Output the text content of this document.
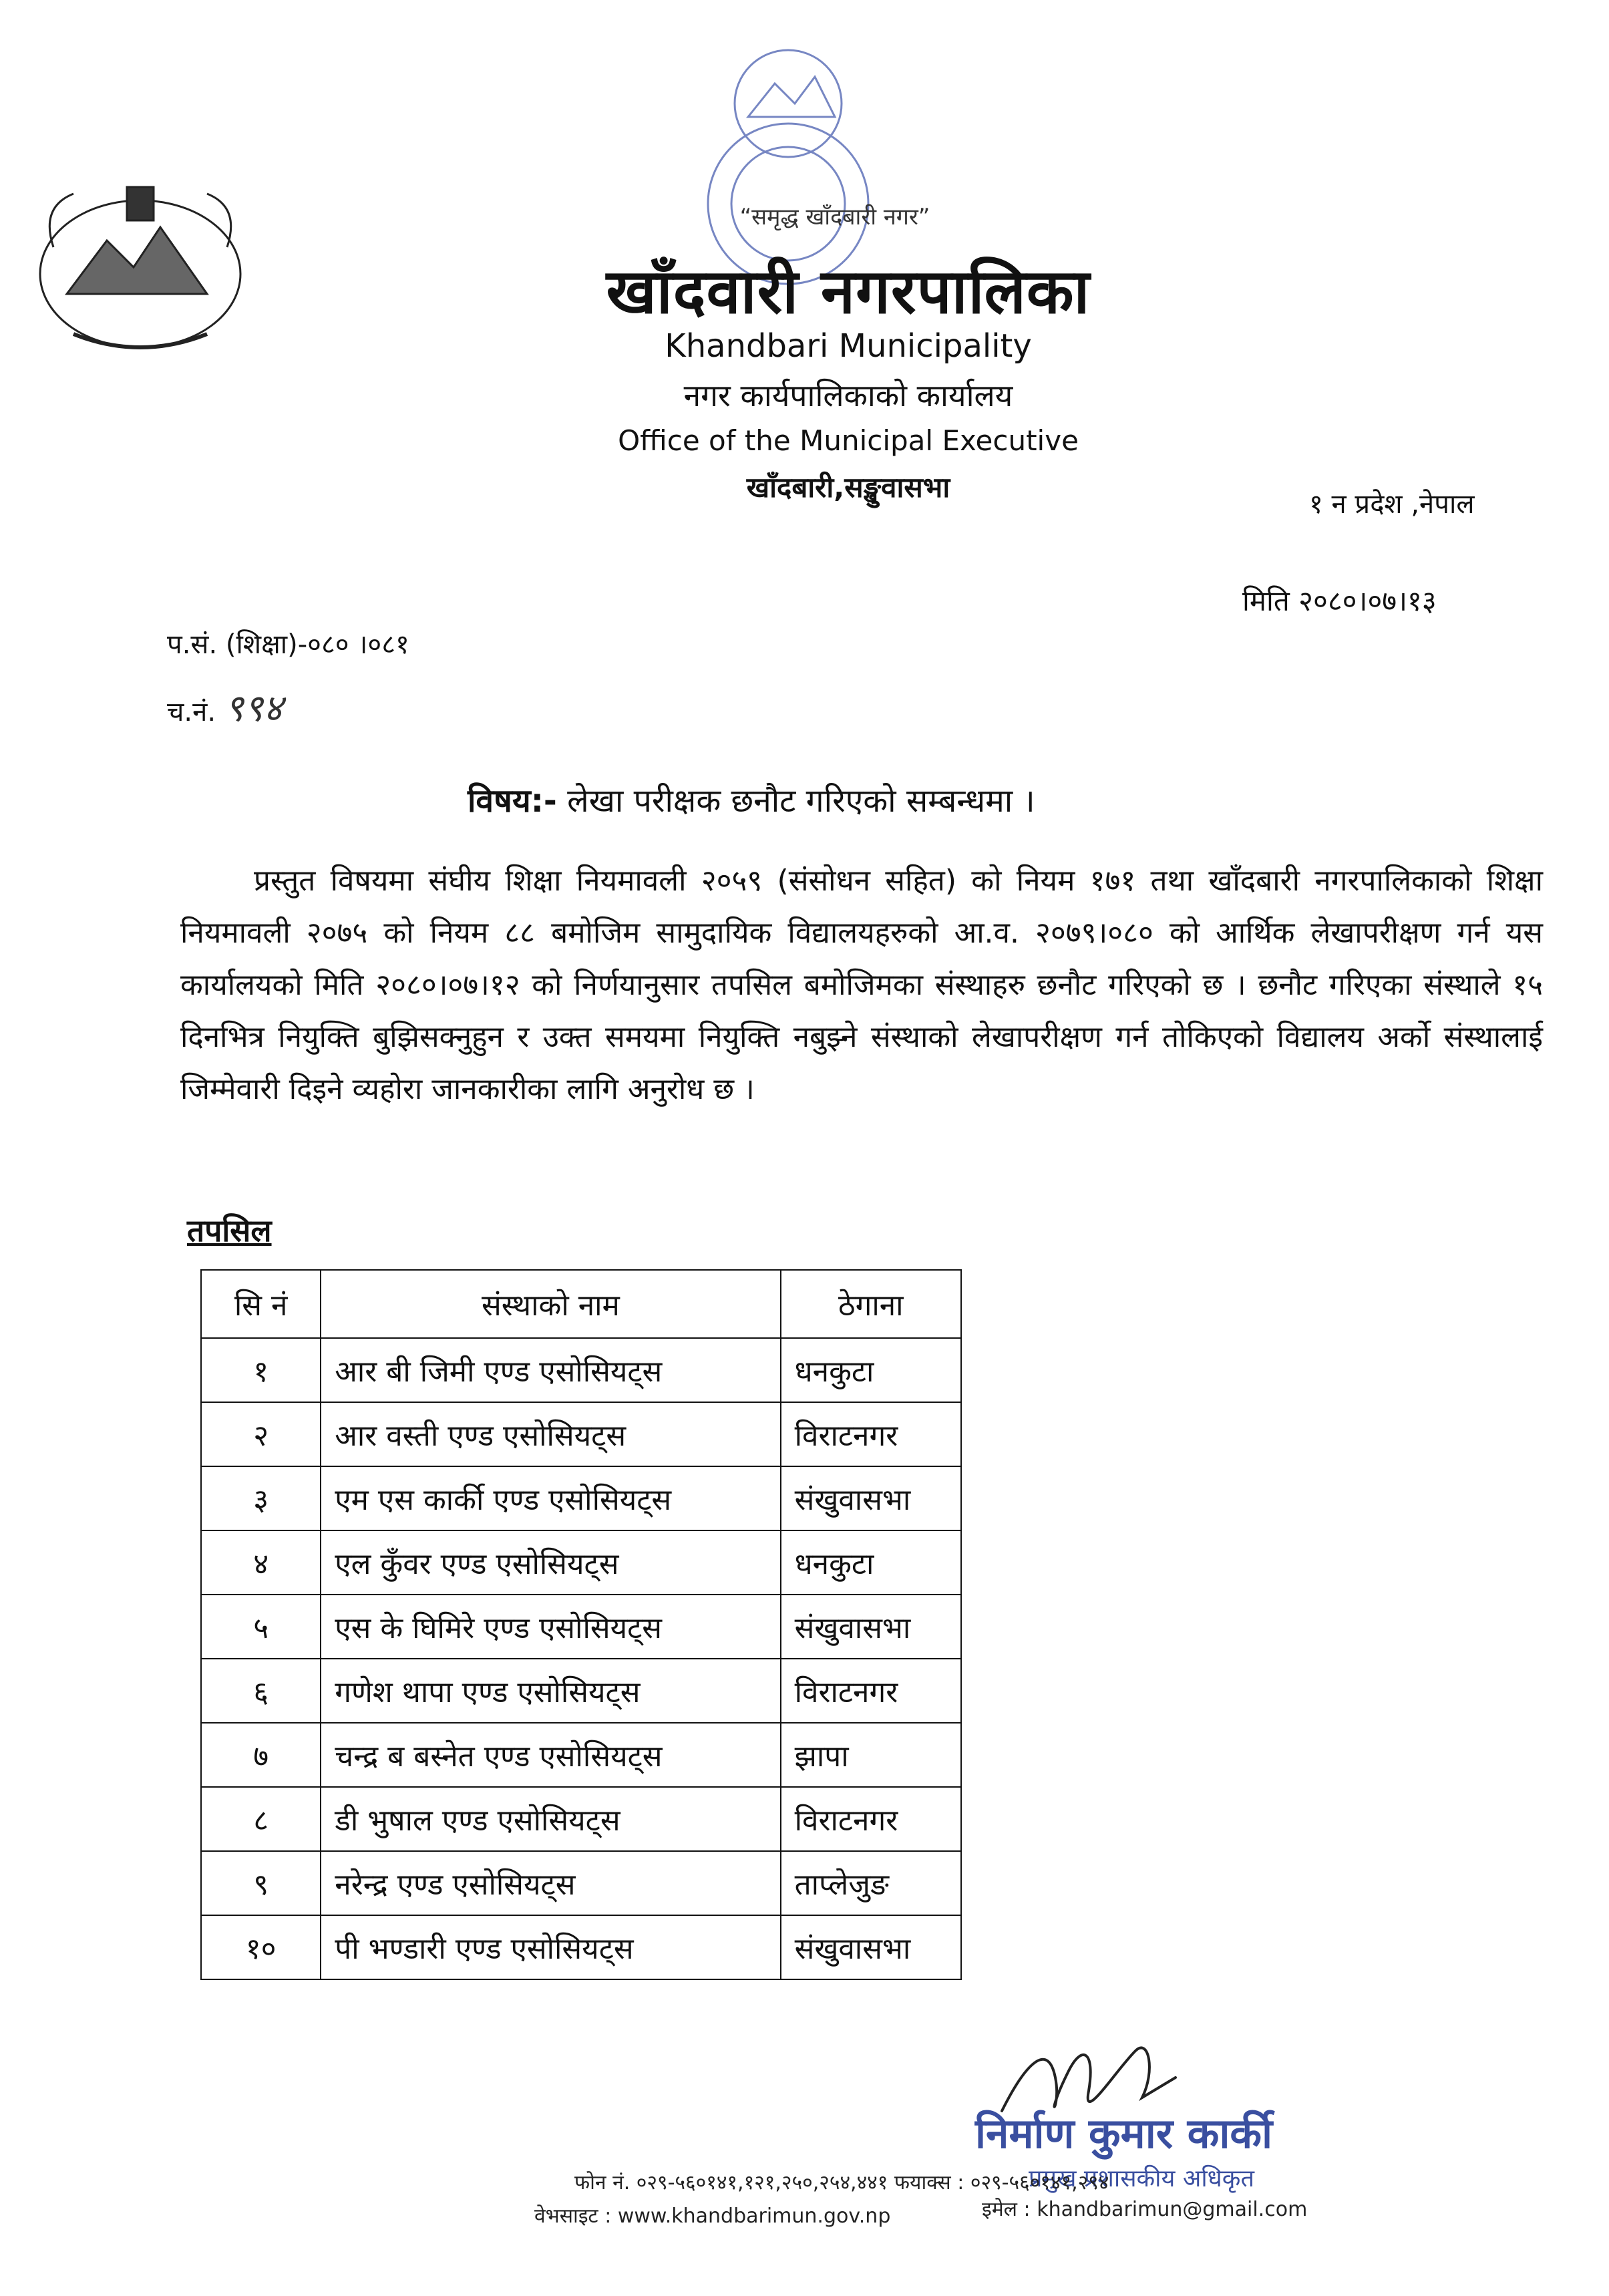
“समृद्ध खाँदबारी नगर”
खाँदवारी नगरपालिका
Khandbari Municipality
नगर कार्यपालिकाको कार्यालय
Office of the Municipal Executive
खाँदबारी,सङ्खुवासभा
१ न प्रदेश ,नेपाल
मिति २०८०।०७।१३
प.सं. (शिक्षा)-०८० ।०८१
च.नं. ९९४
विषय:- लेखा परीक्षक छनौट गरिएको सम्बन्धमा ।
प्रस्तुत विषयमा संघीय शिक्षा नियमावली २०५९ (संसोधन सहित) को नियम १७१ तथा खाँदबारी नगरपालिकाको शिक्षा नियमावली २०७५ को नियम ८८ बमोजिम सामुदायिक विद्यालयहरुको आ.व. २०७९।०८० को आर्थिक लेखापरीक्षण गर्न यस कार्यालयको मिति २०८०।०७।१२ को निर्णयानुसार तपसिल बमोजिमका संस्थाहरु छनौट गरिएको छ । छनौट गरिएका संस्थाले १५ दिनभित्र नियुक्ति बुझिसक्नुहुन र उक्त समयमा नियुक्ति नबुझ्ने संस्थाको लेखापरीक्षण गर्न तोकिएको विद्यालय अर्को संस्थालाई जिम्मेवारी दिइने व्यहोरा जानकारीका लागि अनुरोध छ ।
तपसिल
सि नं	संस्थाको नाम	ठेगाना
१	आर बी जिमी एण्ड एसोसियट्स	धनकुटा
२	आर वस्ती एण्ड एसोसियट्स	विराटनगर
३	एम एस कार्की एण्ड एसोसियट्स	संखुवासभा
४	एल कुँवर एण्ड एसोसियट्स	धनकुटा
५	एस के घिमिरे एण्ड एसोसियट्स	संखुवासभा
६	गणेश थापा एण्ड एसोसियट्स	विराटनगर
७	चन्द्र ब बस्नेत एण्ड एसोसियट्स	झापा
८	डी भुषाल एण्ड एसोसियट्स	विराटनगर
९	नरेन्द्र एण्ड एसोसियट्स	ताप्लेजुङ
१०	पी भण्डारी एण्ड एसोसियट्स	संखुवासभा
निर्माण कुमार कार्की
प्रमुख प्रशासकीय अधिकृत
फोन नं. ०२९-५६०१४१,१२१,२५०,२५४,४४१ फयाक्स : ०२९-५६०१४१,२९४
वेभसाइट : www.khandbarimun.gov.np	इमेल : khandbarimun@gmail.com
